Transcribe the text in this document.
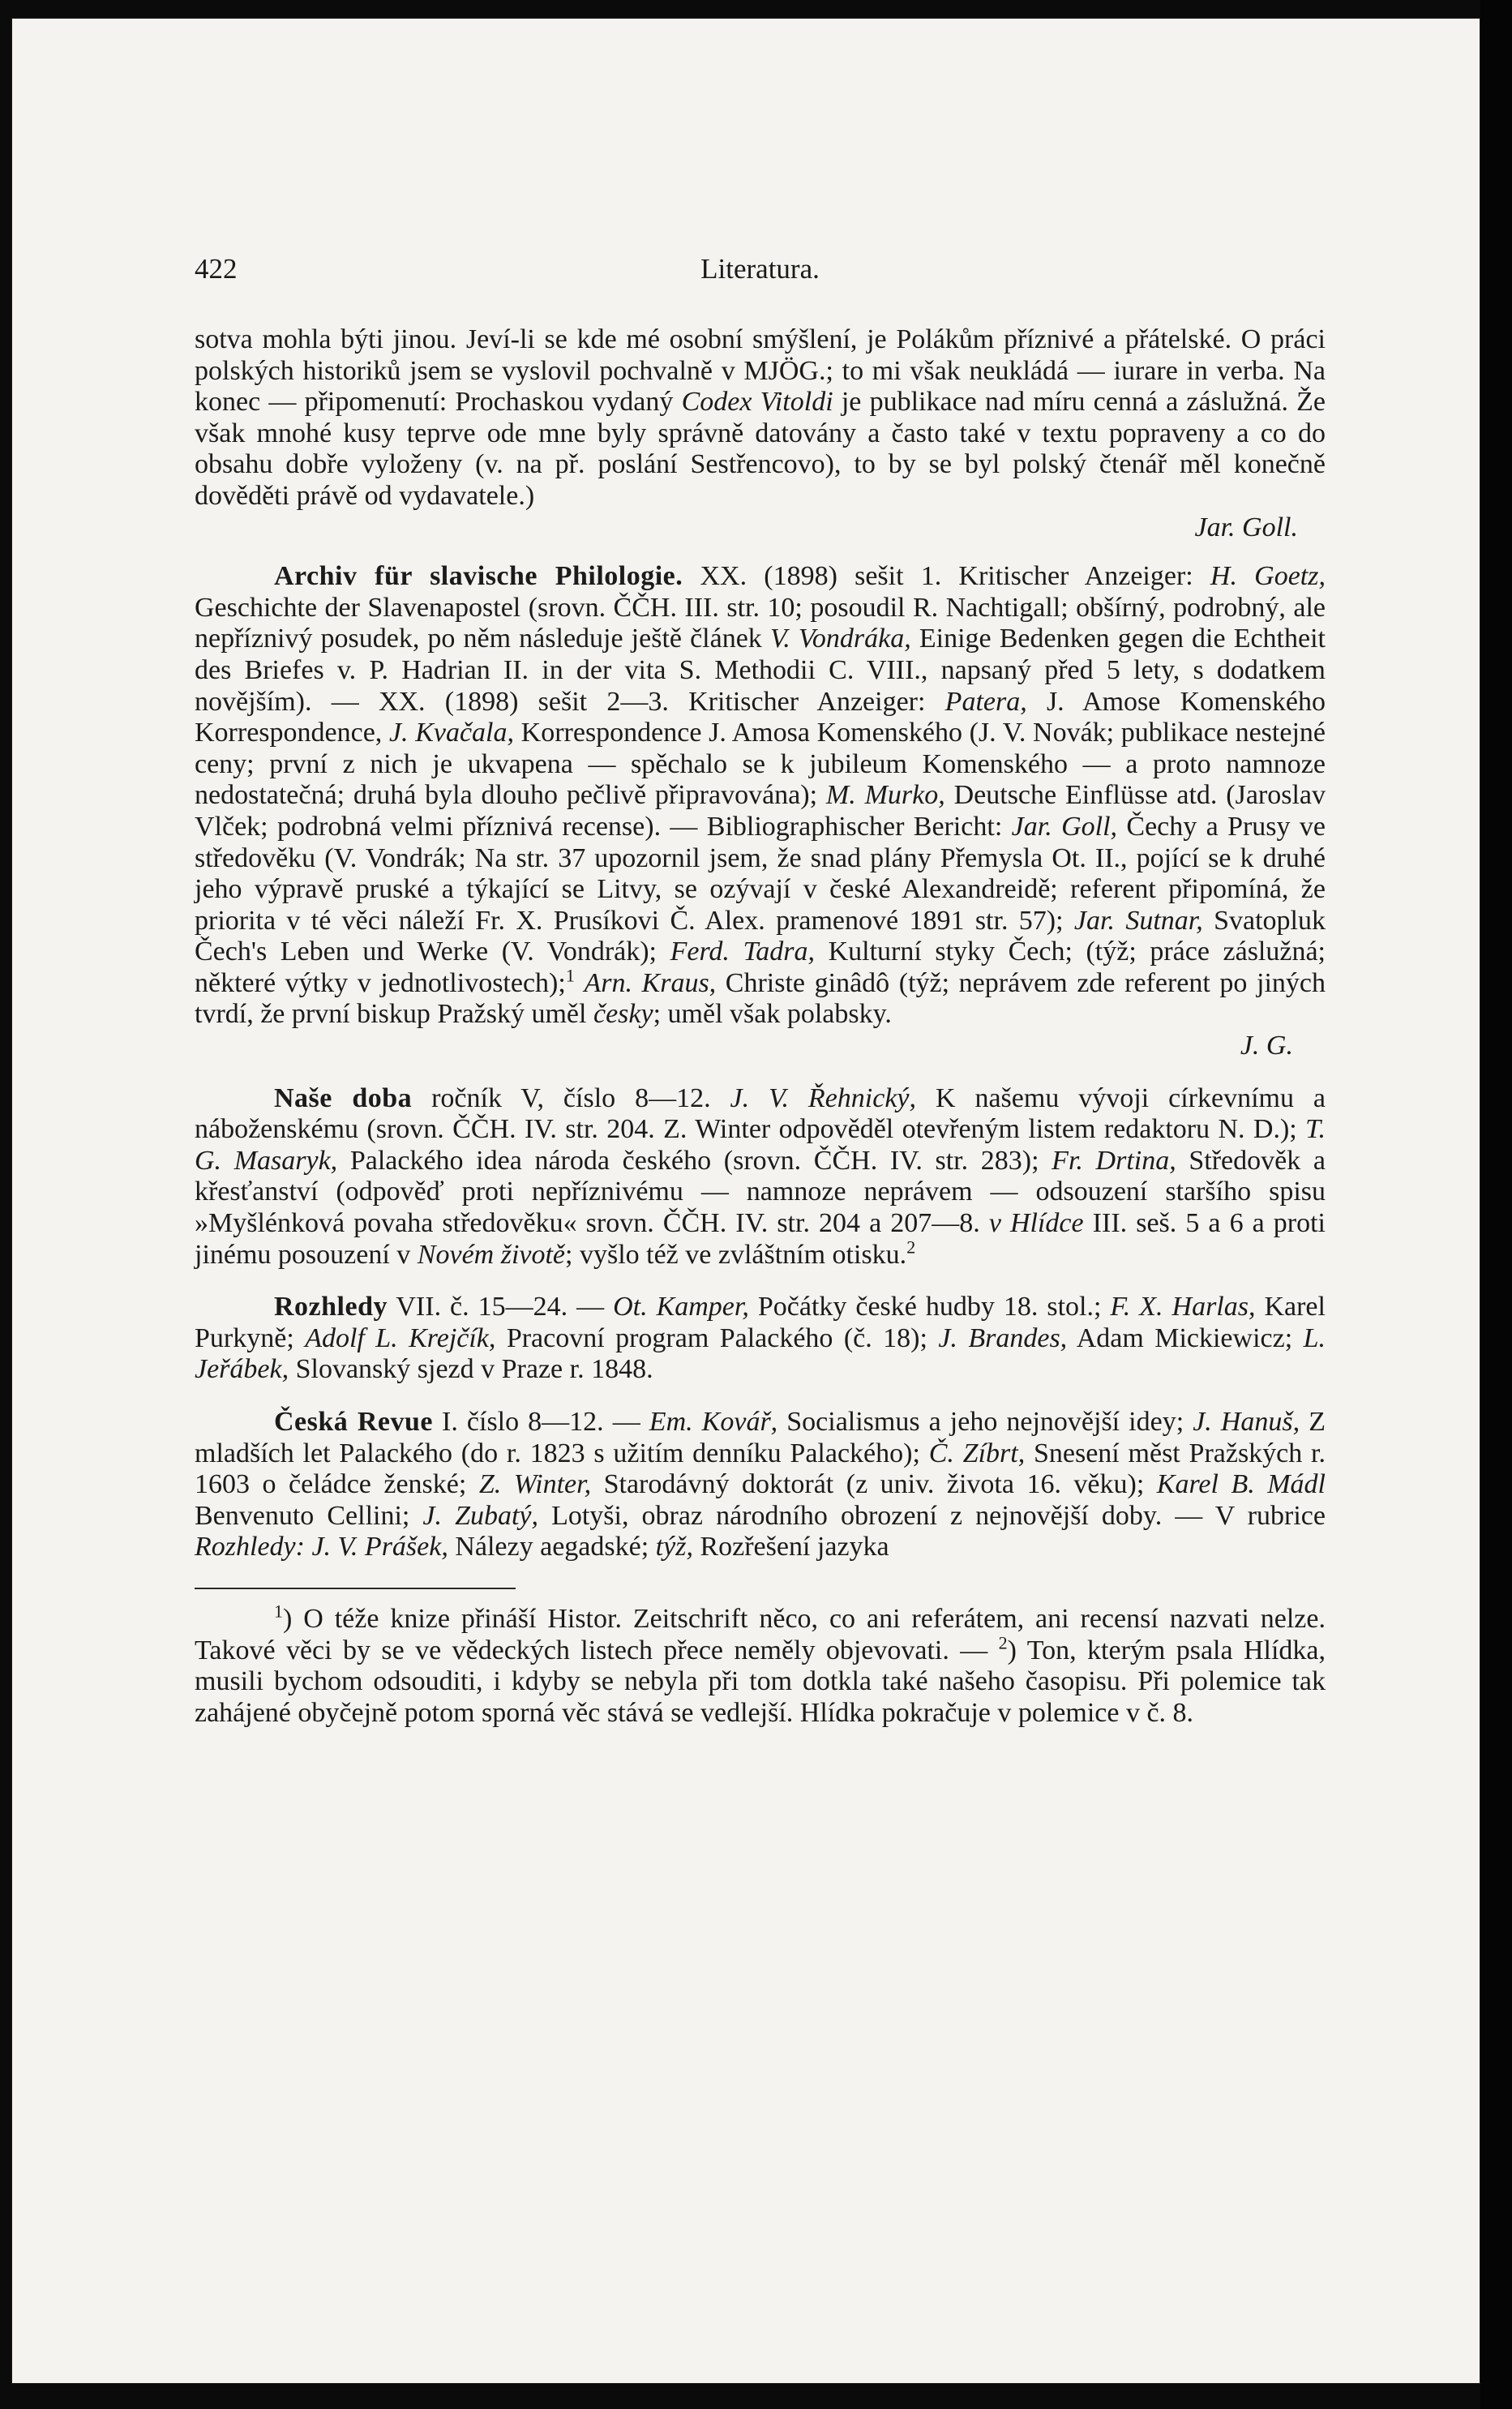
422	Literatura.

sotva mohla býti jinou. Jeví-li se kde mé osobní smýšlení, je Polákům příznivé a přátelské. O práci polských historiků jsem se vyslovil pochvalně v MJÖG.; to mi však neukládá — iurare in verba. Na konec — připomenutí: Prochaskou vydaný Codex Vitoldi je publikace nad míru cenná a záslužná. Že však mnohé kusy teprve ode mne byly správně datovány a často také v textu popraveny a co do obsahu dobře vyloženy (v. na př. poslání Sestřencovo), to by se byl polský čtenář měl konečně dověděti právě od vydavatele.)

Jar. Goll.

Archiv für slavische Philologie. XX. (1898) sešit 1. Kritischer Anzeiger: H. Goetz, Geschichte der Slavenapostel (srovn. ČČH. III. str. 10; posoudil R. Nachtigall; obšírný, podrobný, ale nepříznivý posudek, po něm následuje ještě článek V. Vondráka, Einige Bedenken gegen die Echtheit des Briefes v. P. Hadrian II. in der vita S. Methodii C. VIII., napsaný před 5 lety, s dodatkem novějším). — XX. (1898) sešit 2—3. Kritischer Anzeiger: Patera, J. Amose Komenského Korrespondence, J. Kvačala, Korrespondence J. Amosa Komenského (J. V. Novák; publikace nestejné ceny; první z nich je ukvapena — spěchalo se k jubileum Komenského — a proto namnoze nedostatečná; druhá byla dlouho pečlivě připravována); M. Murko, Deutsche Einflüsse atd. (Jaroslav Vlček; podrobná velmi příznivá recense). — Bibliographischer Bericht: Jar. Goll, Čechy a Prusy ve středověku (V. Vondrák; Na str. 37 upozornil jsem, že snad plány Přemysla Ot. II., pojící se k druhé jeho výpravě pruské a týkající se Litvy, se ozývají v české Alexandreidě; referent připomíná, že priorita v té věci náleží Fr. X. Prusíkovi Č. Alex. pramenové 1891 str. 57); Jar. Sutnar, Svatopluk Čech's Leben und Werke (V. Vondrák); Ferd. Tadra, Kulturní styky Čech; (týž; práce záslužná; některé výtky v jednotlivostech);$^1$ Arn. Kraus, Christe ginâdô (týž; neprávem zde referent po jiných tvrdí, že první biskup Pražský uměl česky; uměl však polabsky.

J. G.

Naše doba ročník V, číslo 8—12. J. V. Řehnický, K našemu vývoji církevnímu a náboženskému (srovn. ČČH. IV. str. 204. Z. Winter odpověděl otevřeným listem redaktoru N. D.); T. G. Masaryk, Palackého idea národa českého (srovn. ČČH. IV. str. 283); Fr. Drtina, Středověk a křesťanství (odpověď proti nepříznivému — namnoze neprávem — odsouzení staršího spisu »Myšlénková povaha středověku« srovn. ČČH. IV. str. 204 a 207—8. v Hlídce III. seš. 5 a 6 a proti jinému posouzení v Novém životě; vyšlo též ve zvláštním otisku.$^2$

Rozhledy VII. č. 15—24. — Ot. Kamper, Počátky české hudby 18. stol.; F. X. Harlas, Karel Purkyně; Adolf L. Krejčík, Pracovní program Palackého (č. 18); J. Brandes, Adam Mickiewicz; L. Jeřábek, Slovanský sjezd v Praze r. 1848.

Česká Revue I. číslo 8—12. — Em. Kovář, Socialismus a jeho nejnovější idey; J. Hanuš, Z mladších let Palackého (do r. 1823 s užitím denníku Palackého); Č. Zíbrt, Snesení měst Pražských r. 1603 o čeládce ženské; Z. Winter, Starodávný doktorát (z univ. života 16. věku); Karel B. Mádl Benvenuto Cellini; J. Zubatý, Lotyši, obraz národního obrození z nejnovější doby. — V rubrice Rozhledy: J. V. Prášek, Nálezy aegadské; týž, Rozřešení jazyka

$^1$) O téže knize přináší Histor. Zeitschrift něco, co ani referátem, ani recensí nazvati nelze. Takové věci by se ve vědeckých listech přece neměly objevovati. — $^2$) Ton, kterým psala Hlídka, musili bychom odsouditi, i kdyby se nebyla při tom dotkla také našeho časopisu. Při polemice tak zahájené obyčejně potom sporná věc stává se vedlejší. Hlídka pokračuje v polemice v č. 8.
